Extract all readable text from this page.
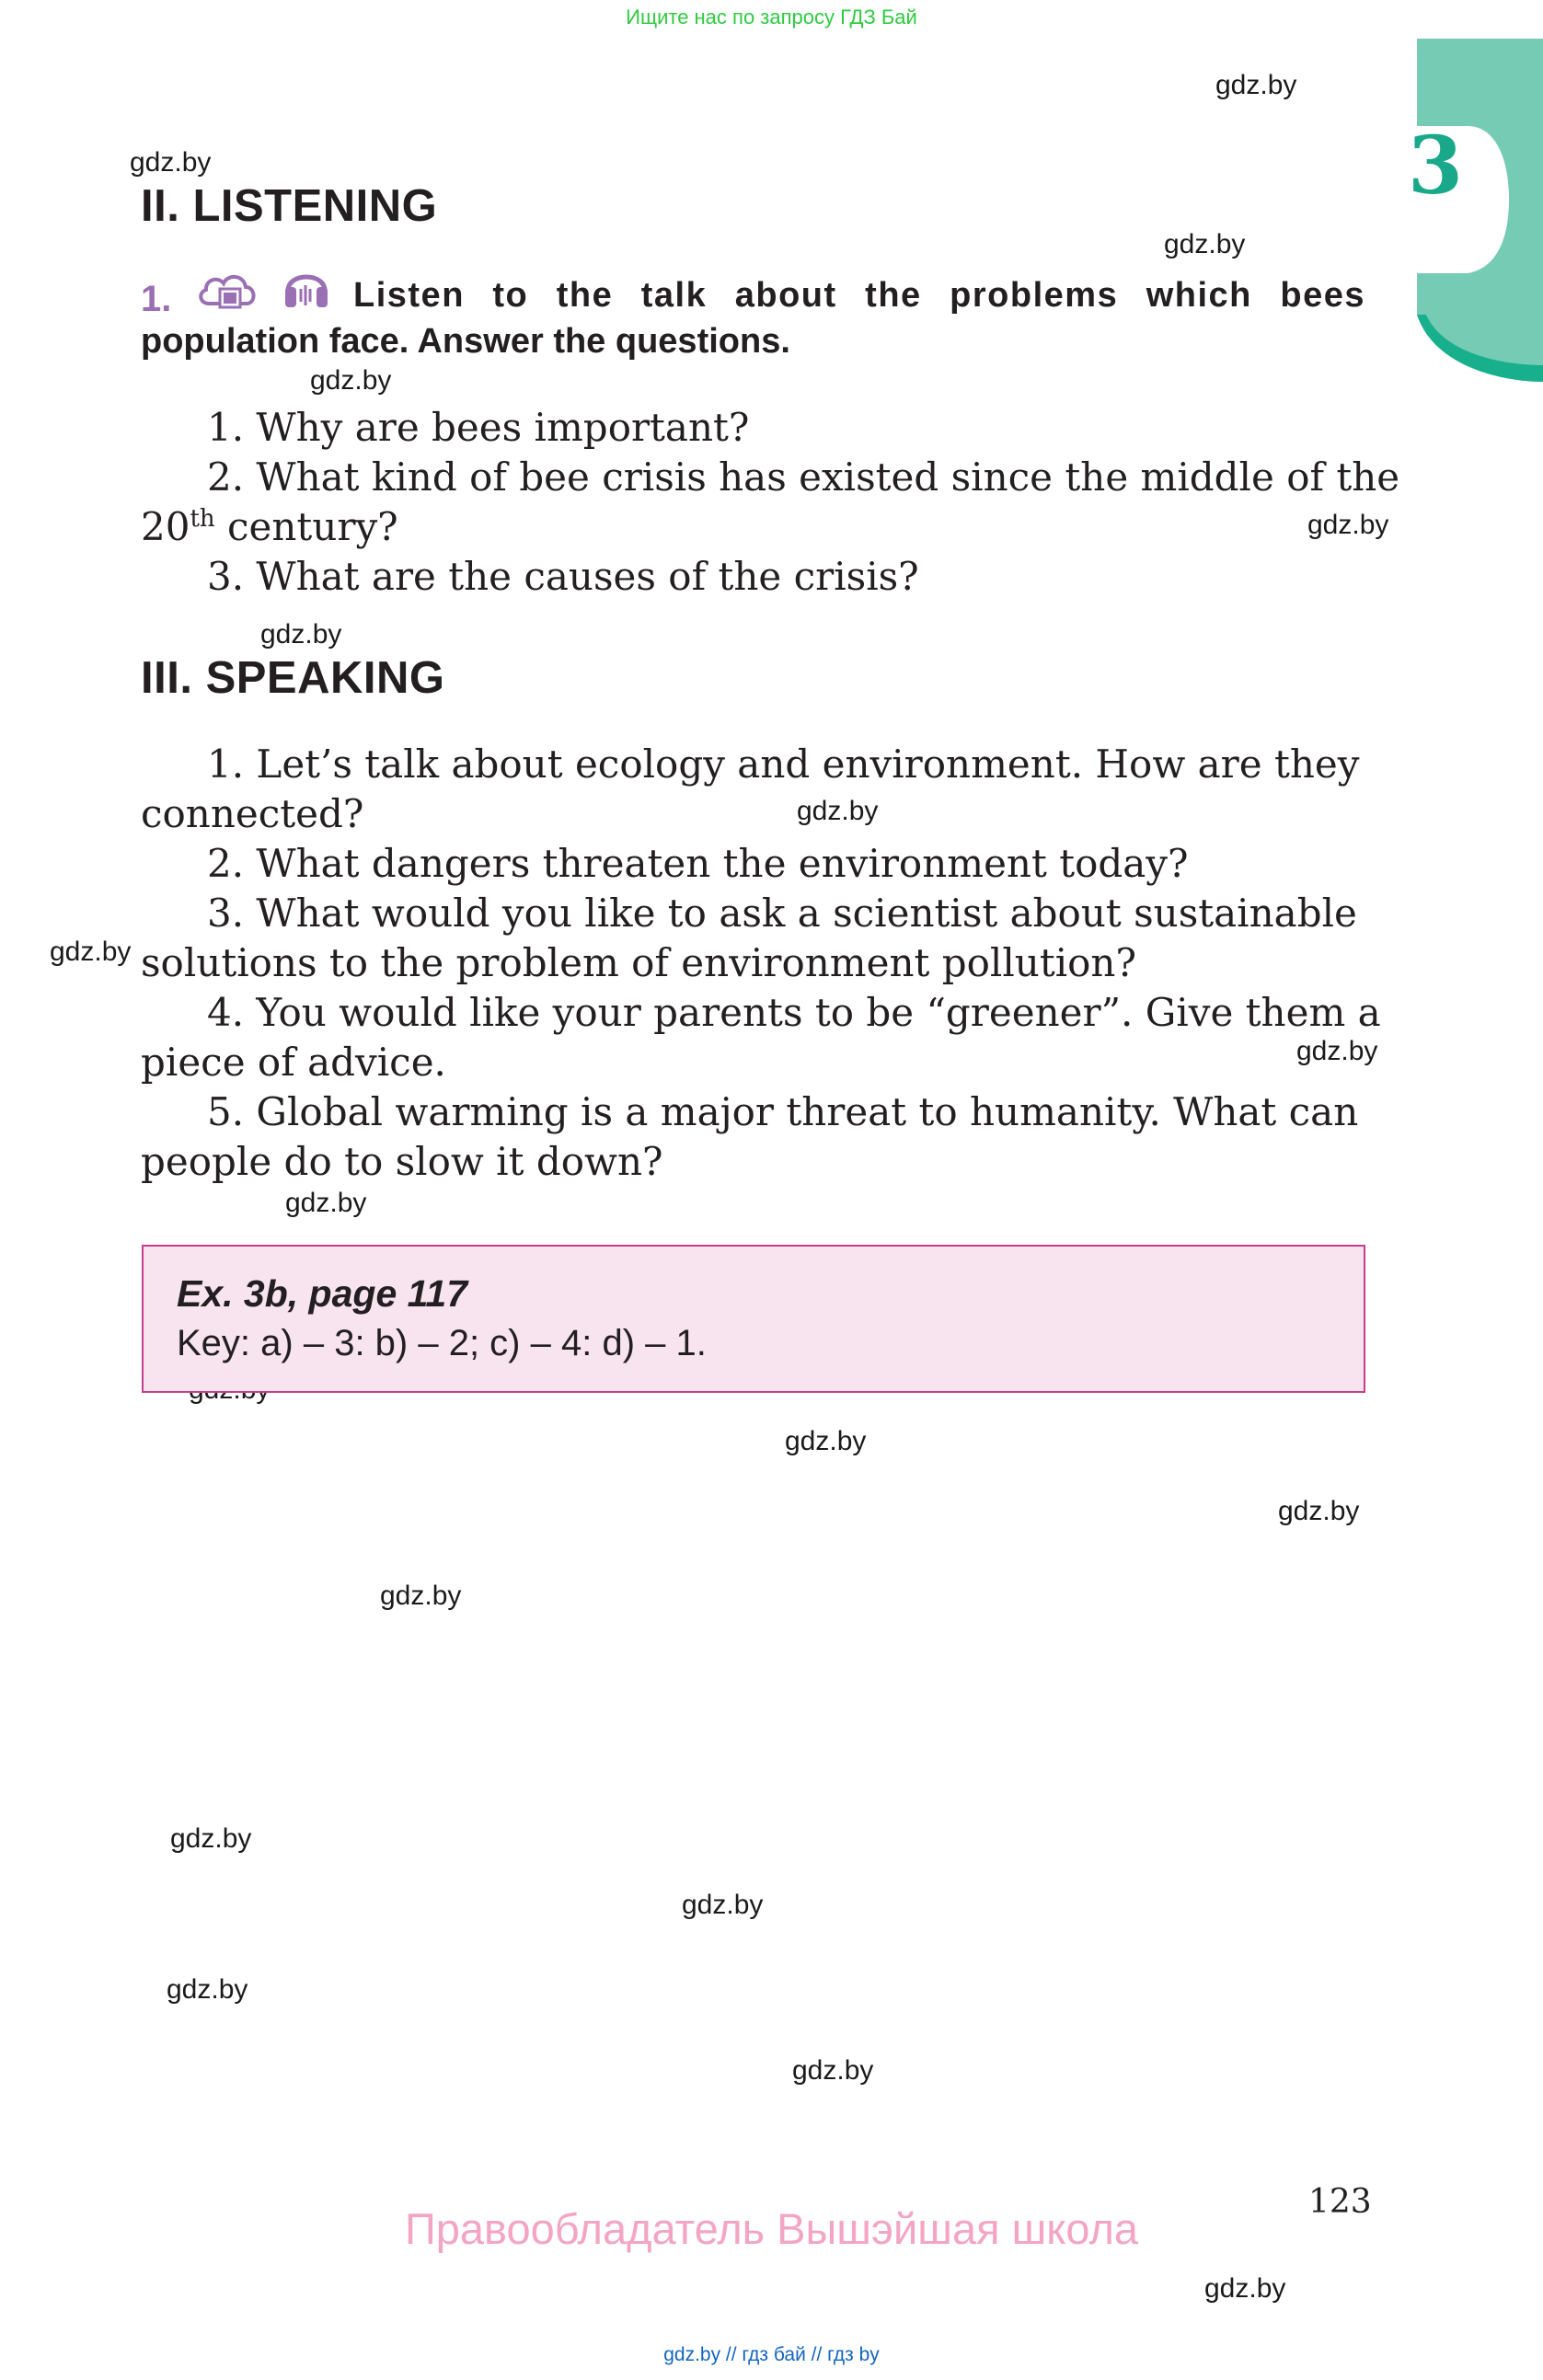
Ищите нас по запросу ГДЗ Бай
3
gdz.by
gdz.by
gdz.by
gdz.by
gdz.by
gdz.by
gdz.by
gdz.by
gdz.by
gdz.by
gdz.by
gdz.by
gdz.by
gdz.by
gdz.by
gdz.by
gdz.by
gdz.by
II. LISTENING
1.	Listen to the talk about the problems which bees
population face. Answer the questions.
1. Why are bees important?
2. What kind of bee crisis has existed since the middle of the
20th century?
3. What are the causes of the crisis?
III. SPEAKING
1. Let’s talk about ecology and environment. How are they
connected?
2. What dangers threaten the environment today?
3. What would you like to ask a scientist about sustainable
solutions to the problem of environment pollution?
4. You would like your parents to be “greener”. Give them a
piece of advice.
5. Global warming is a major threat to humanity. What can
people do to slow it down?
Ex. 3b, page 117
Key: a) – 3: b) – 2; c) – 4: d) – 1.
123
Правообладатель Вышэйшая школа
gdz.by // гдз бай // гдз by
